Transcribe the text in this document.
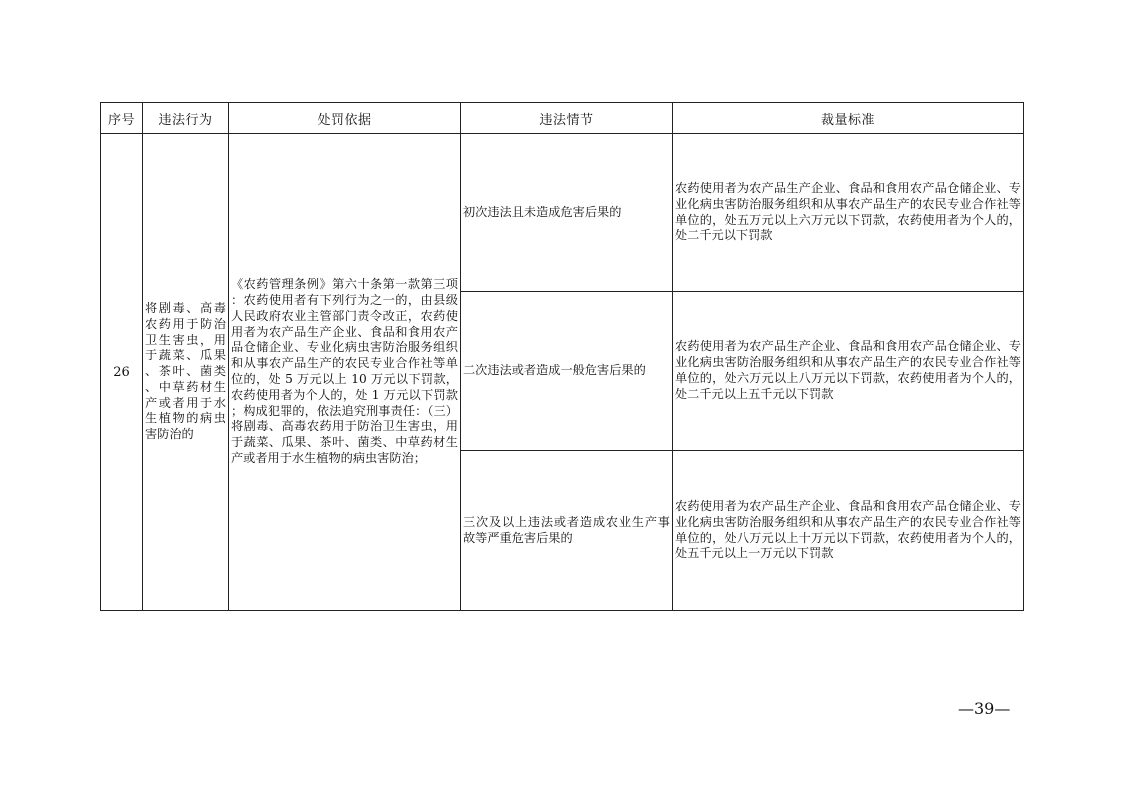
序号	违法行为	处罚依据	违法情节	裁量标准
26	将剧毒、高毒农药用于防治卫生害虫，用于蔬菜、瓜果、茶叶、菌类、中草药材生产或者用于水生植物的病虫害防治的	《农药管理条例》第六十条第一款第三项：农药使用者有下列行为之一的，由县级人民政府农业主管部门责令改正，农药使用者为农产品生产企业、食品和食用农产品仓储企业、专业化病虫害防治服务组织和从事农产品生产的农民专业合作社等单位的，处 5 万元以上 10 万元以下罚款，农药使用者为个人的，处 1 万元以下罚款；构成犯罪的，依法追究刑事责任：（三）将剧毒、高毒农药用于防治卫生害虫，用于蔬菜、瓜果、茶叶、菌类、中草药材生产或者用于水生植物的病虫害防治；	初次违法且未造成危害后果的	农药使用者为农产品生产企业、食品和食用农产品仓储企业、专业化病虫害防治服务组织和从事农产品生产的农民专业合作社等单位的，处五万元以上六万元以下罚款，农药使用者为个人的，处二千元以下罚款
			二次违法或者造成一般危害后果的	农药使用者为农产品生产企业、食品和食用农产品仓储企业、专业化病虫害防治服务组织和从事农产品生产的农民专业合作社等单位的，处六万元以上八万元以下罚款，农药使用者为个人的，处二千元以上五千元以下罚款
			三次及以上违法或者造成农业生产事故等严重危害后果的	农药使用者为农产品生产企业、食品和食用农产品仓储企业、专业化病虫害防治服务组织和从事农产品生产的农民专业合作社等单位的，处八万元以上十万元以下罚款，农药使用者为个人的，处五千元以上一万元以下罚款
—39—
